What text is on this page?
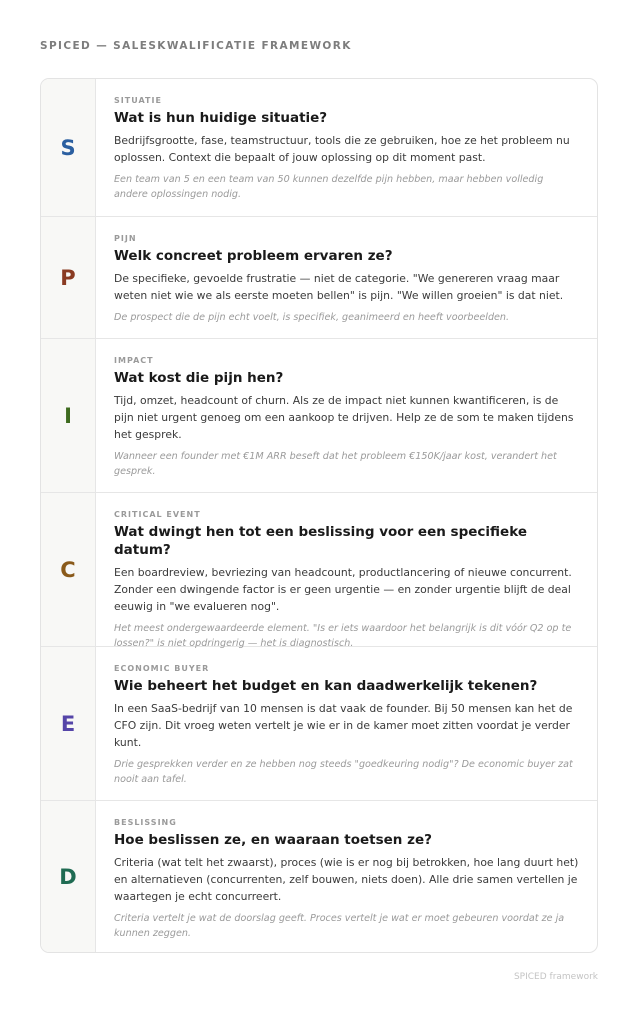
SPICED — SALESKWALIFICATIE FRAMEWORK
S
SITUATIE
Wat is hun huidige situatie?
Bedrijfsgrootte, fase, teamstructuur, tools die ze gebruiken, hoe ze het probleem nu oplossen. Context die bepaalt of jouw oplossing op dit moment past.
Een team van 5 en een team van 50 kunnen dezelfde pijn hebben, maar hebben volledig andere oplossingen nodig.
P
PIJN
Welk concreet probleem ervaren ze?
De specifieke, gevoelde frustratie — niet de categorie. "We genereren vraag maar weten niet wie we als eerste moeten bellen" is pijn. "We willen groeien" is dat niet.
De prospect die de pijn echt voelt, is specifiek, geanimeerd en heeft voorbeelden.
I
IMPACT
Wat kost die pijn hen?
Tijd, omzet, headcount of churn. Als ze de impact niet kunnen kwantificeren, is de pijn niet urgent genoeg om een aankoop te drijven. Help ze de som te maken tijdens het gesprek.
Wanneer een founder met €1M ARR beseft dat het probleem €150K/jaar kost, verandert het gesprek.
C
CRITICAL EVENT
Wat dwingt hen tot een beslissing voor een specifieke datum?
Een boardreview, bevriezing van headcount, productlancering of nieuwe concurrent. Zonder een dwingende factor is er geen urgentie — en zonder urgentie blijft de deal eeuwig in "we evalueren nog".
Het meest ondergewaardeerde element. "Is er iets waardoor het belangrijk is dit vóór Q2 op te lossen?" is niet opdringerig — het is diagnostisch.
E
ECONOMIC BUYER
Wie beheert het budget en kan daadwerkelijk tekenen?
In een SaaS-bedrijf van 10 mensen is dat vaak de founder. Bij 50 mensen kan het de CFO zijn. Dit vroeg weten vertelt je wie er in de kamer moet zitten voordat je verder kunt.
Drie gesprekken verder en ze hebben nog steeds "goedkeuring nodig"? De economic buyer zat nooit aan tafel.
D
BESLISSING
Hoe beslissen ze, en waaraan toetsen ze?
Criteria (wat telt het zwaarst), proces (wie is er nog bij betrokken, hoe lang duurt het) en alternatieven (concurrenten, zelf bouwen, niets doen). Alle drie samen vertellen je waartegen je echt concurreert.
Criteria vertelt je wat de doorslag geeft. Proces vertelt je wat er moet gebeuren voordat ze ja kunnen zeggen.
SPICED framework
